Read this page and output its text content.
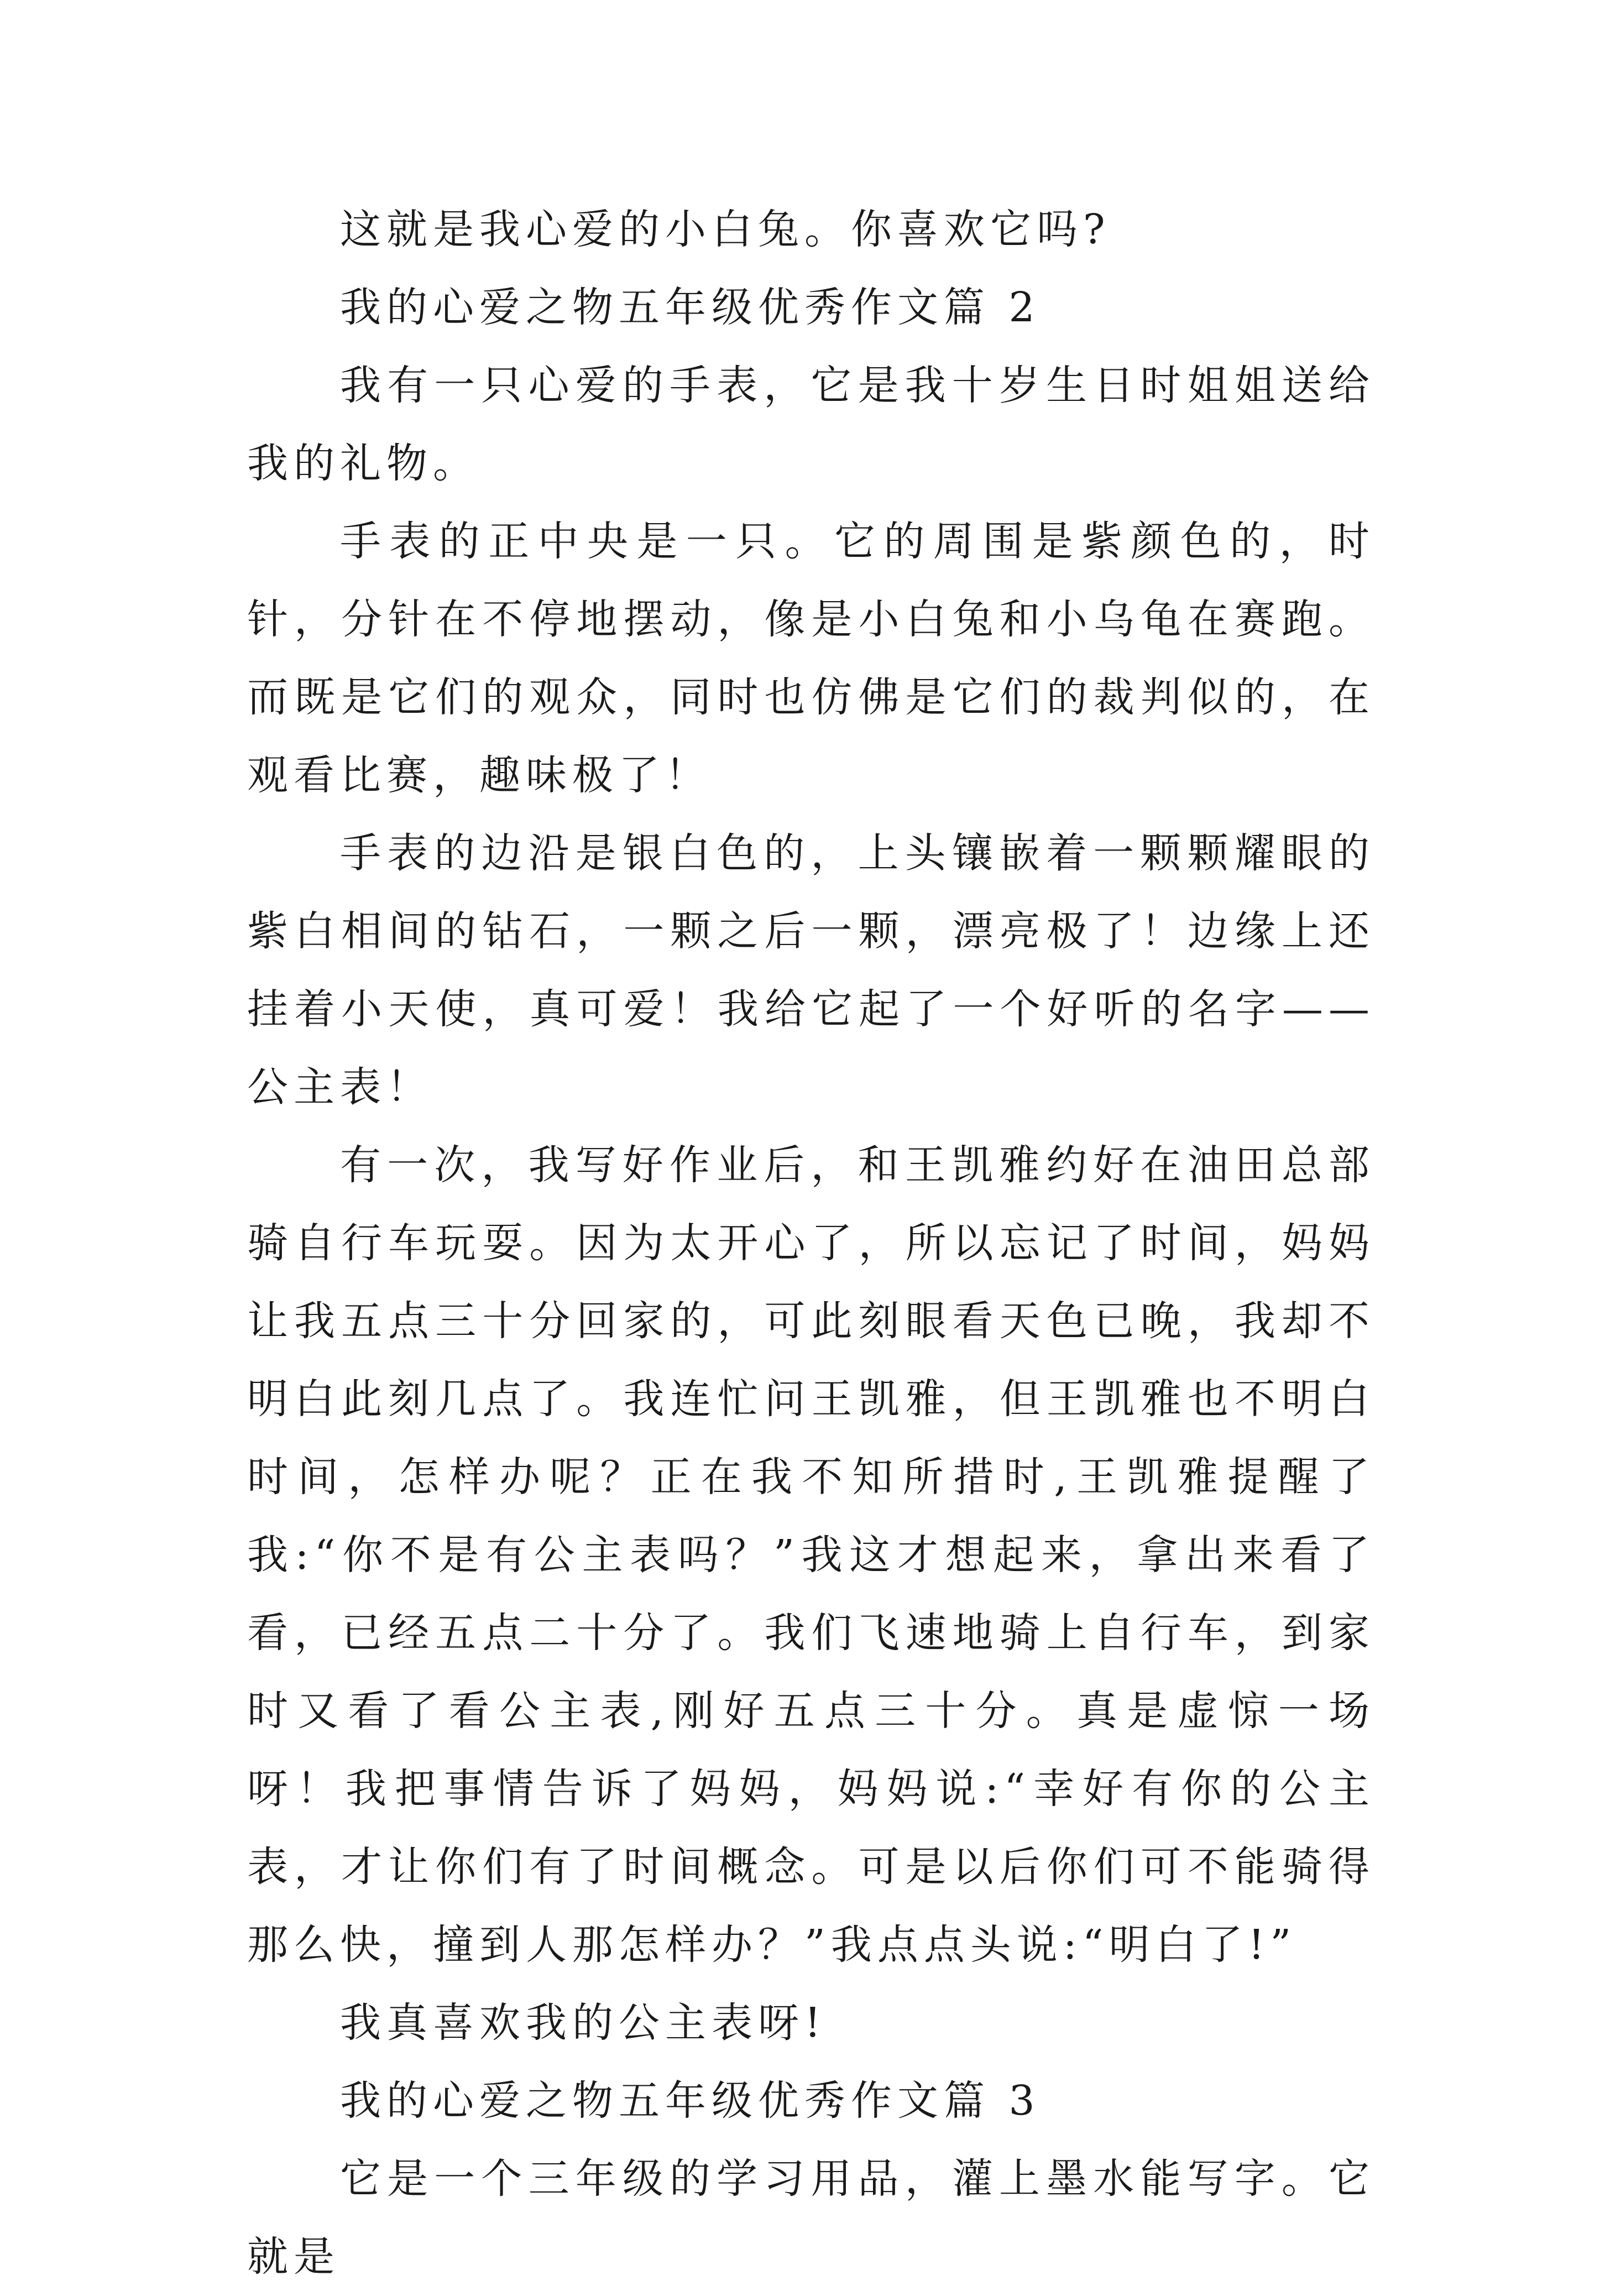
这就是我心爱的小白兔。你喜欢它吗?

我的心爱之物五年级优秀作文篇 2

我有一只心爱的手表，它是我十岁生日时姐姐送给我的礼物。

手表的正中央是一只。它的周围是紫颜色的，时针，分针在不停地摆动，像是小白兔和小乌龟在赛跑。而既是它们的观众，同时也仿佛是它们的裁判似的，在观看比赛，趣味极了！

手表的边沿是银白色的，上头镶嵌着一颗颗耀眼的紫白相间的钻石，一颗之后一颗，漂亮极了！边缘上还挂着小天使，真可爱！我给它起了一个好听的名字——公主表！

有一次，我写好作业后，和王凯雅约好在油田总部骑自行车玩耍。因为太开心了，所以忘记了时间，妈妈让我五点三十分回家的，可此刻眼看天色已晚，我却不明白此刻几点了。我连忙问王凯雅，但王凯雅也不明白时间，怎样办呢？正在我不知所措时,王凯雅提醒了我:“你不是有公主表吗？”我这才想起来，拿出来看了看，已经五点二十分了。我们飞速地骑上自行车，到家时又看了看公主表,刚好五点三十分。真是虚惊一场呀！我把事情告诉了妈妈，妈妈说:“幸好有你的公主表，才让你们有了时间概念。可是以后你们可不能骑得那么快，撞到人那怎样办？”我点点头说:“明白了!”

我真喜欢我的公主表呀!

我的心爱之物五年级优秀作文篇 3

它是一个三年级的学习用品，灌上墨水能写字。它就是
